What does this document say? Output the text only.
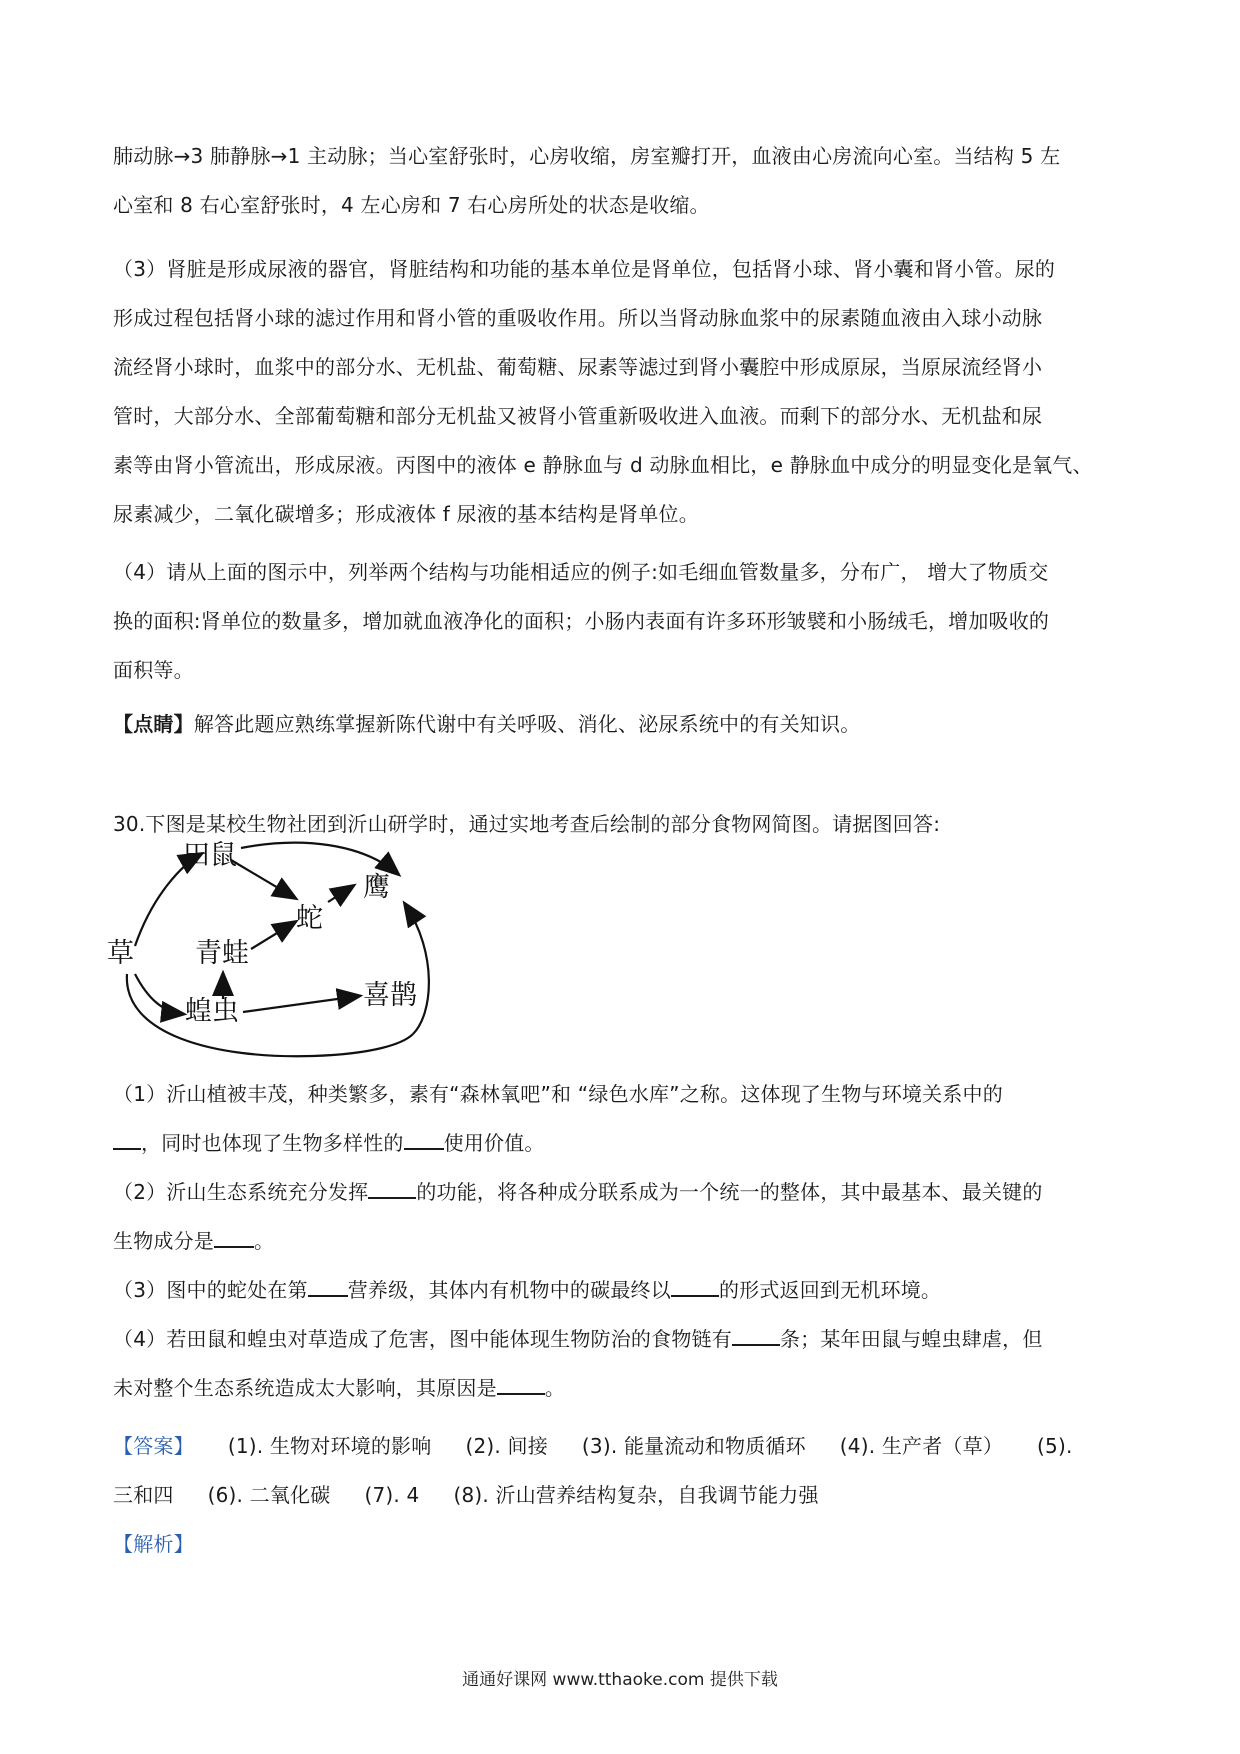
肺动脉→3 肺静脉→1 主动脉；当心室舒张时，心房收缩，房室瓣打开，血液由心房流向心室。当结构 5 左
心室和 8 右心室舒张时，4 左心房和 7 右心房所处的状态是收缩。
（3）肾脏是形成尿液的器官，肾脏结构和功能的基本单位是肾单位，包括肾小球、肾小囊和肾小管。尿的
形成过程包括肾小球的滤过作用和肾小管的重吸收作用。所以当肾动脉血浆中的尿素随血液由入球小动脉
流经肾小球时，血浆中的部分水、无机盐、葡萄糖、尿素等滤过到肾小囊腔中形成原尿，当原尿流经肾小
管时，大部分水、全部葡萄糖和部分无机盐又被肾小管重新吸收进入血液。而剩下的部分水、无机盐和尿
素等由肾小管流出，形成尿液。丙图中的液体 e 静脉血与 d 动脉血相比，e 静脉血中成分的明显变化是氧气、
尿素减少，二氧化碳增多；形成液体 f 尿液的基本结构是肾单位。
（4）请从上面的图示中，列举两个结构与功能相适应的例子:如毛细血管数量多，分布广， 增大了物质交
换的面积:肾单位的数量多，增加就血液净化的面积；小肠内表面有许多环形皱襞和小肠绒毛，增加吸收的
面积等。
【点睛】解答此题应熟练掌握新陈代谢中有关呼吸、消化、泌尿系统中的有关知识。
30.下图是某校生物社团到沂山研学时，通过实地考查后绘制的部分食物网简图。请据图回答:
田鼠
鹰
蛇
草 青蛙
蝗虫
喜鹊
（1）沂山植被丰茂，种类繁多，素有“森林氧吧”和 “绿色水库”之称。这体现了生物与环境关系中的
，同时也体现了生物多样性的 使用价值。
（2）沂山生态系统充分发挥 的功能，将各种成分联系成为一个统一的整体，其中最基本、最关键的
生物成分是 。
（3）图中的蛇处在第 营养级，其体内有机物中的碳最终以 的形式返回到无机环境。
（4）若田鼠和蝗虫对草造成了危害，图中能体现生物防治的食物链有 条；某年田鼠与蝗虫肆虐，但
未对整个生态系统造成太大影响，其原因是 。
【答案】 (1). 生物对环境的影响 (2). 间接 (3). 能量流动和物质循环 (4). 生产者（草） (5).
三和四 (6). 二氧化碳 (7). 4 (8). 沂山营养结构复杂，自我调节能力强
【解析】
通通好课网 www.tthaoke.com 提供下载
